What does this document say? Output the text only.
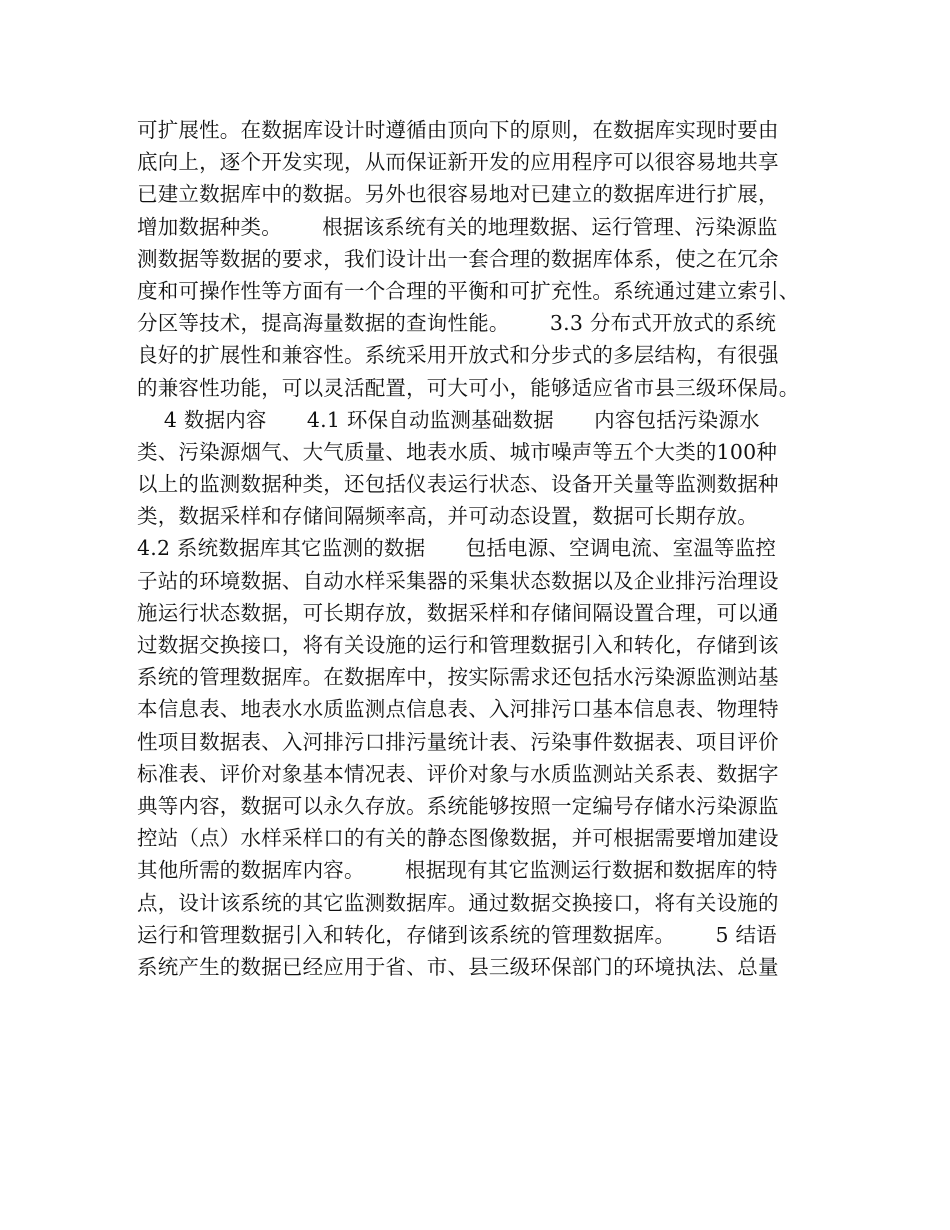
可扩展性。在数据库设计时遵循由顶向下的原则，在数据库实现时要由
底向上，逐个开发实现，从而保证新开发的应用程序可以很容易地共享
已建立数据库中的数据。另外也很容易地对已建立的数据库进行扩展，
增加数据种类。      根据该系统有关的地理数据、运行管理、污染源监
测数据等数据的要求，我们设计出一套合理的数据库体系，使之在冗余
度和可操作性等方面有一个合理的平衡和可扩充性。系统通过建立索引、
分区等技术，提高海量数据的查询性能。      3.3 分布式开放式的系统
良好的扩展性和兼容性。系统采用开放式和分步式的多层结构，有很强
的兼容性功能，可以灵活配置，可大可小，能够适应省市县三级环保局。
4 数据内容      4.1 环保自动监测基础数据      内容包括污染源水
类、污染源烟气、大气质量、地表水质、城市噪声等五个大类的100种
以上的监测数据种类，还包括仪表运行状态、设备开关量等监测数据种
类，数据采样和存储间隔频率高，并可动态设置，数据可长期存放。
4.2 系统数据库其它监测的数据      包括电源、空调电流、室温等监控
子站的环境数据、自动水样采集器的采集状态数据以及企业排污治理设
施运行状态数据，可长期存放，数据采样和存储间隔设置合理，可以通
过数据交换接口，将有关设施的运行和管理数据引入和转化，存储到该
系统的管理数据库。在数据库中，按实际需求还包括水污染源监测站基
本信息表、地表水水质监测点信息表、入河排污口基本信息表、物理特
性项目数据表、入河排污口排污量统计表、污染事件数据表、项目评价
标准表、评价对象基本情况表、评价对象与水质监测站关系表、数据字
典等内容，数据可以永久存放。系统能够按照一定编号存储水污染源监
控站（点）水样采样口的有关的静态图像数据，并可根据需要增加建设
其他所需的数据库内容。      根据现有其它监测运行数据和数据库的特
点，设计该系统的其它监测数据库。通过数据交换接口，将有关设施的
运行和管理数据引入和转化，存储到该系统的管理数据库。      5 结语
系统产生的数据已经应用于省、市、县三级环保部门的环境执法、总量
